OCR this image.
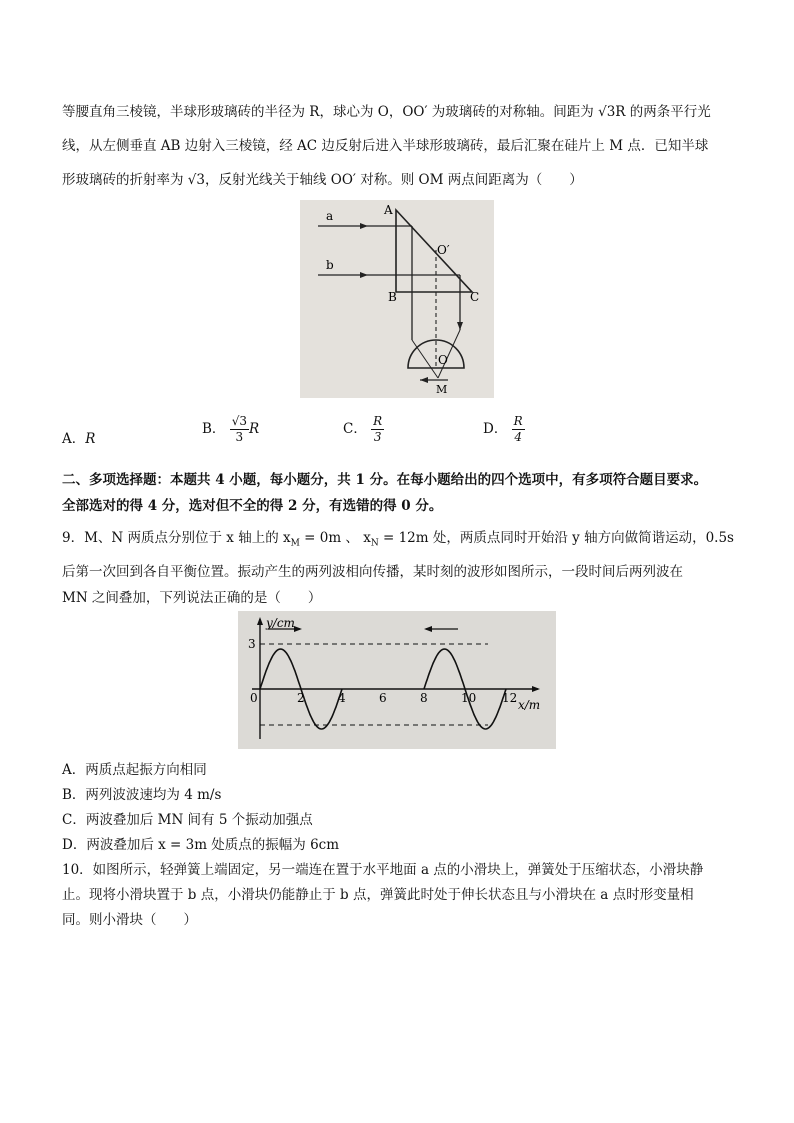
等腰直角三棱镜，半球形玻璃砖的半径为 R，球心为 O，OO′ 为玻璃砖的对称轴。间距为 √3R 的两条平行光
线，从左侧垂直 AB 边射入三棱镜，经 AC 边反射后进入半球形玻璃砖，最后汇聚在硅片上 M 点．已知半球
形玻璃砖的折射率为 √3，反射光线关于轴线 OO′ 对称。则 OM 两点间距离为（　　）
a
b
A
B	C
O′
O
M
A．R
B． $\frac{√3}{3}$ R	C． $\frac{R}{3}$	D． $\frac{R}{4}$
二、多项选择题：本题共 4 小题，每小题分，共 1 分。在每小题给出的四个选项中，有多项符合题目要求。
全部选对的得 4 分，选对但不全的得 2 分，有选错的得 0 分。
9．M、N 两质点分别位于 x 轴上的 $x_M = 0m$ 、 $x_N = 12m$ 处，两质点同时开始沿 y 轴方向做简谐运动，0.5s
后第一次回到各自平衡位置。振动产生的两列波相向传播，某时刻的波形如图所示，一段时间后两列波在
MN 之间叠加，下列说法正确的是（　　）
y/cm
x/m
3
0	2	4	6	8	10 12
A．两质点起振方向相同
B．两列波波速均为 4 m/s
C．两波叠加后 MN 间有 5 个振动加强点
D．两波叠加后 x = 3m 处质点的振幅为 6cm
10．如图所示，轻弹簧上端固定，另一端连在置于水平地面 a 点的小滑块上，弹簧处于压缩状态，小滑块静
止。现将小滑块置于 b 点，小滑块仍能静止于 b 点，弹簧此时处于伸长状态且与小滑块在 a 点时形变量相
同。则小滑块（　　）
